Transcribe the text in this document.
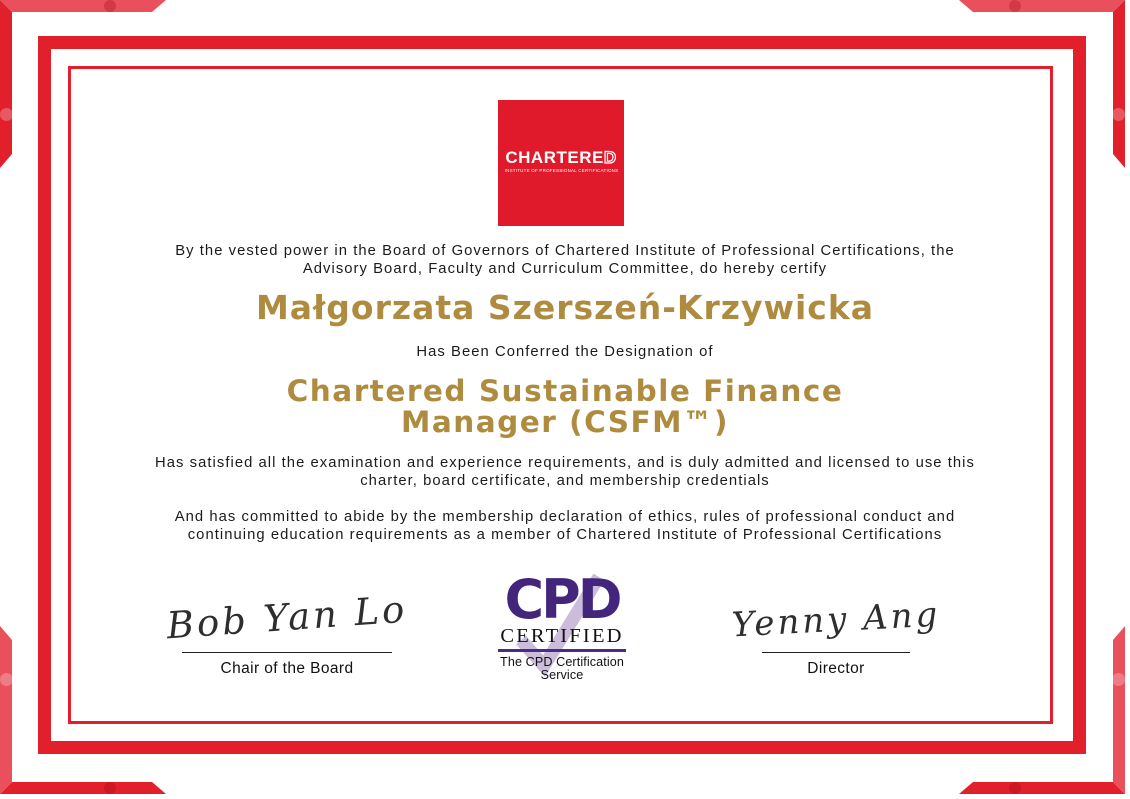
CHARTERED
INSTITUTE OF PROFESSIONAL CERTIFICATIONS

By the vested power in the Board of Governors of Chartered Institute of Professional Certifications, the Advisory Board, Faculty and Curriculum Committee, do hereby certify

Małgorzata Szerszeń-Krzywicka

Has Been Conferred the Designation of

Chartered Sustainable Finance
Manager (CSFM™)

Has satisfied all the examination and experience requirements, and is duly admitted and licensed to use this charter, board certificate, and membership credentials

And has committed to abide by the membership declaration of ethics, rules of professional conduct and continuing education requirements as a member of Chartered Institute of Professional Certifications

Bob Yan Lo
Chair of the Board
CPD
CERTIFIED
The CPD Certification
Service
Yenny Ang
Director
